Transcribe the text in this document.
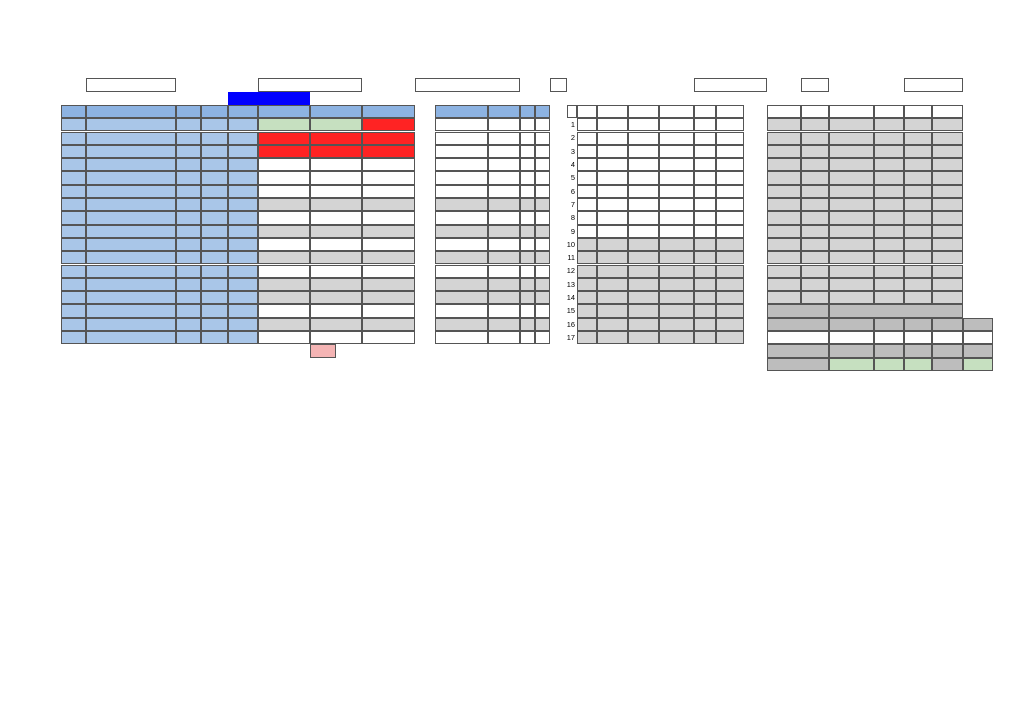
1
2
3
4
5
6
7
8
9
10
11
12
13
14
15
16
17
